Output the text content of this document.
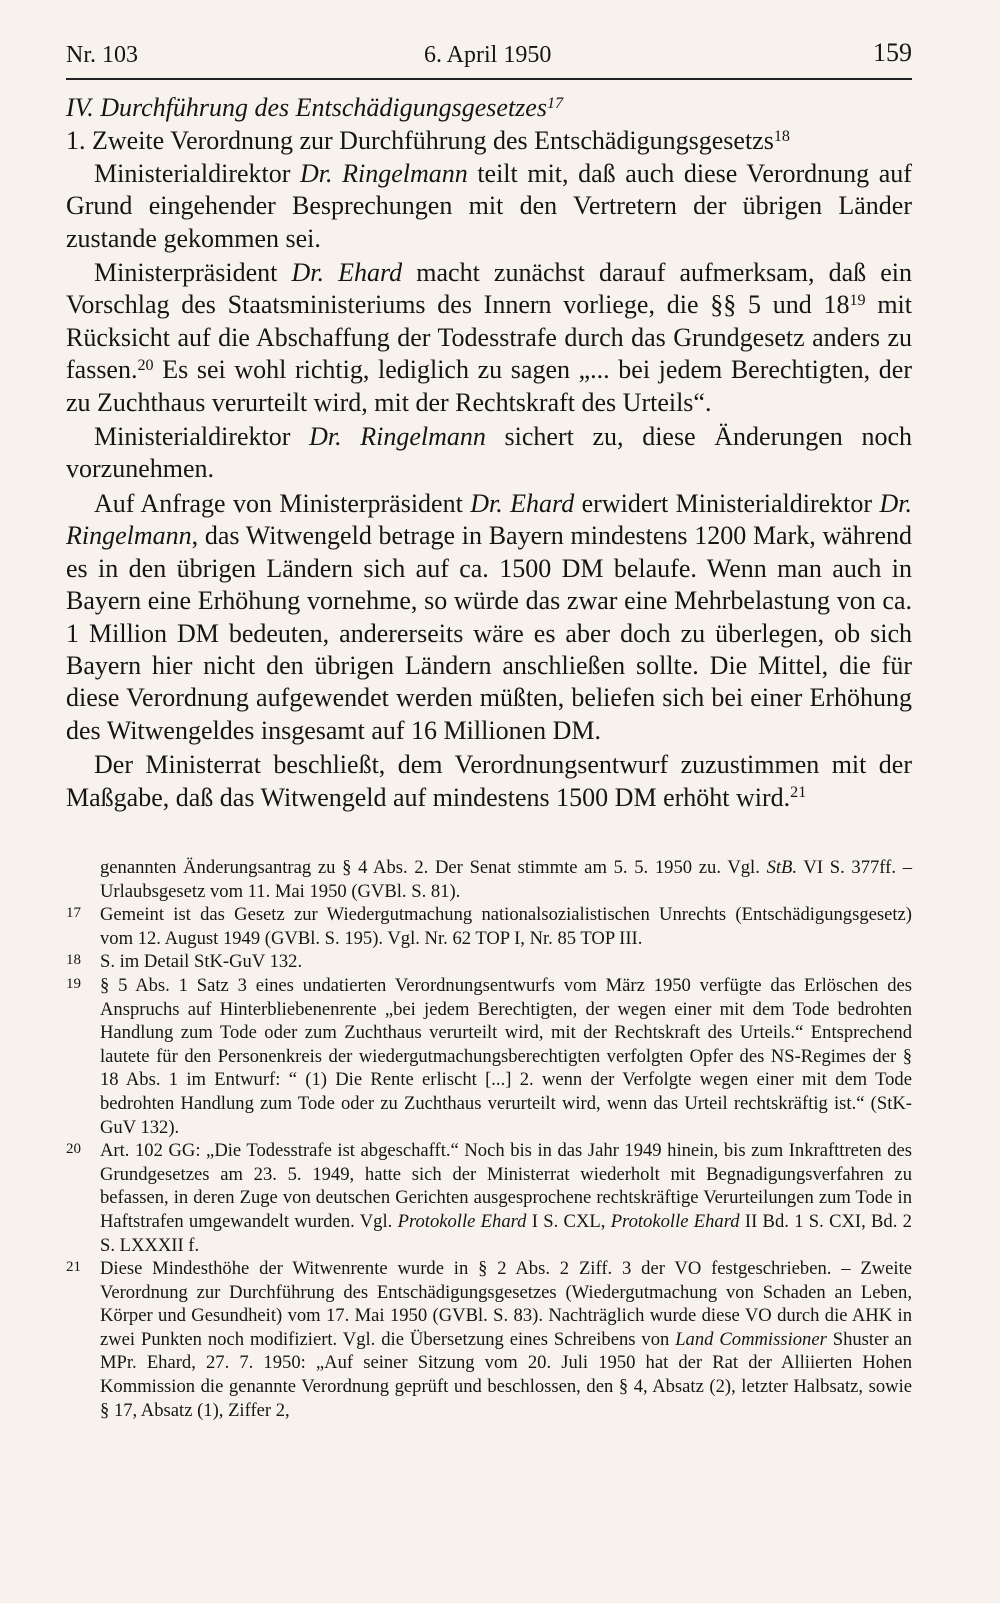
Nr. 103	6. April 1950	159

IV. Durchführung des Entschädigungsgesetzes$^{17}$

1. Zweite Verordnung zur Durchführung des Entschädigungsgesetzs$^{18}$

Ministerialdirektor Dr. Ringelmann teilt mit, daß auch diese Verordnung auf Grund eingehender Besprechungen mit den Vertretern der übrigen Länder zustande gekommen sei.

Ministerpräsident Dr. Ehard macht zunächst darauf aufmerksam, daß ein Vorschlag des Staatsministeriums des Innern vorliege, die §§ 5 und $18^{19}$ mit Rücksicht auf die Abschaffung der Todesstrafe durch das Grundgesetz anders zu fassen.$^{20}$ Es sei wohl richtig, lediglich zu sagen „... bei jedem Berechtigten, der zu Zuchthaus verurteilt wird, mit der Rechtskraft des Urteils“.

Ministerialdirektor Dr. Ringelmann sichert zu, diese Änderungen noch vorzunehmen.

Auf Anfrage von Ministerpräsident Dr. Ehard erwidert Ministerialdirektor Dr. Ringelmann, das Witwengeld betrage in Bayern mindestens 1200 Mark, während es in den übrigen Ländern sich auf ca. 1500 DM belaufe. Wenn man auch in Bayern eine Erhöhung vornehme, so würde das zwar eine Mehrbelastung von ca. 1 Million DM bedeuten, andererseits wäre es aber doch zu überlegen, ob sich Bayern hier nicht den übrigen Ländern anschließen sollte. Die Mittel, die für diese Verordnung aufgewendet werden müßten, beliefen sich bei einer Erhöhung des Witwengeldes insgesamt auf 16 Millionen DM.

Der Ministerrat beschließt, dem Verordnungsentwurf zuzustimmen mit der Maßgabe, daß das Witwengeld auf mindestens 1500 DM erhöht wird.$^{21}$

genannten Änderungsantrag zu § 4 Abs. 2. Der Senat stimmte am 5. 5. 1950 zu. Vgl. StB. VI S. 377ff. – Urlaubsgesetz vom 11. Mai 1950 (GVBl. S. 81).

17 Gemeint ist das Gesetz zur Wiedergutmachung nationalsozialistischen Unrechts (Entschädigungsgesetz) vom 12. August 1949 (GVBl. S. 195). Vgl. Nr. 62 TOP I, Nr. 85 TOP III.

18 S. im Detail StK-GuV 132.

19 § 5 Abs. 1 Satz 3 eines undatierten Verordnungsentwurfs vom März 1950 verfügte das Erlöschen des Anspruchs auf Hinterbliebenenrente „bei jedem Berechtigten, der wegen einer mit dem Tode bedrohten Handlung zum Tode oder zum Zuchthaus verurteilt wird, mit der Rechtskraft des Urteils.“ Entsprechend lautete für den Personenkreis der wiedergutmachungsberechtigten verfolgten Opfer des NS-Regimes der § 18 Abs. 1 im Entwurf: “ (1) Die Rente erlischt [...] 2. wenn der Verfolgte wegen einer mit dem Tode bedrohten Handlung zum Tode oder zu Zuchthaus verurteilt wird, wenn das Urteil rechtskräftig ist.“ (StK-GuV 132).

20 Art. 102 GG: „Die Todesstrafe ist abgeschafft.“ Noch bis in das Jahr 1949 hinein, bis zum Inkrafttreten des Grundgesetzes am 23. 5. 1949, hatte sich der Ministerrat wiederholt mit Begnadigungsverfahren zu befassen, in deren Zuge von deutschen Gerichten ausgesprochene rechtskräftige Verurteilungen zum Tode in Haftstrafen umgewandelt wurden. Vgl. Protokolle Ehard I S. CXL, Protokolle Ehard II Bd. 1 S. CXI, Bd. 2 S. LXXXII f.

21 Diese Mindesthöhe der Witwenrente wurde in § 2 Abs. 2 Ziff. 3 der VO festgeschrieben. – Zweite Verordnung zur Durchführung des Entschädigungsgesetzes (Wiedergutmachung von Schaden an Leben, Körper und Gesundheit) vom 17. Mai 1950 (GVBl. S. 83). Nachträglich wurde diese VO durch die AHK in zwei Punkten noch modifiziert. Vgl. die Übersetzung eines Schreibens von Land Commissioner Shuster an MPr. Ehard, 27. 7. 1950: „Auf seiner Sitzung vom 20. Juli 1950 hat der Rat der Alliierten Hohen Kommission die genannte Verordnung geprüft und beschlossen, den § 4, Absatz (2), letzter Halbsatz, sowie § 17, Absatz (1), Ziffer 2,
